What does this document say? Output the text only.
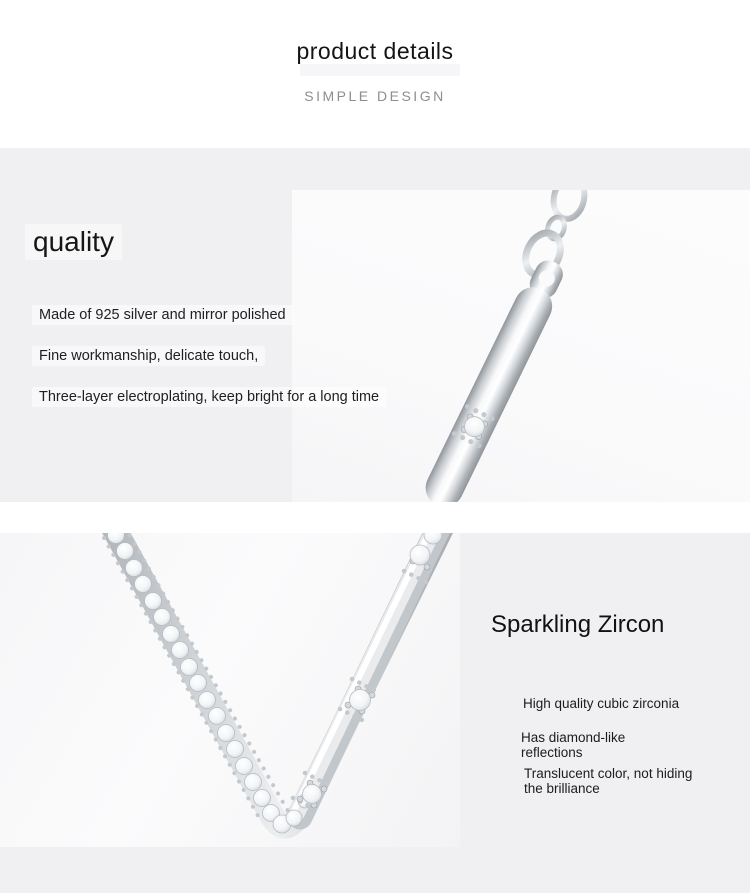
product details
SIMPLE DESIGN
quality
Made of 925 silver and mirror polished
Fine workmanship, delicate touch,
Three-layer electroplating, keep bright for a long time
Sparkling Zircon
High quality cubic zirconia
Has diamond-like reflections
Translucent color, not hiding the brilliance
